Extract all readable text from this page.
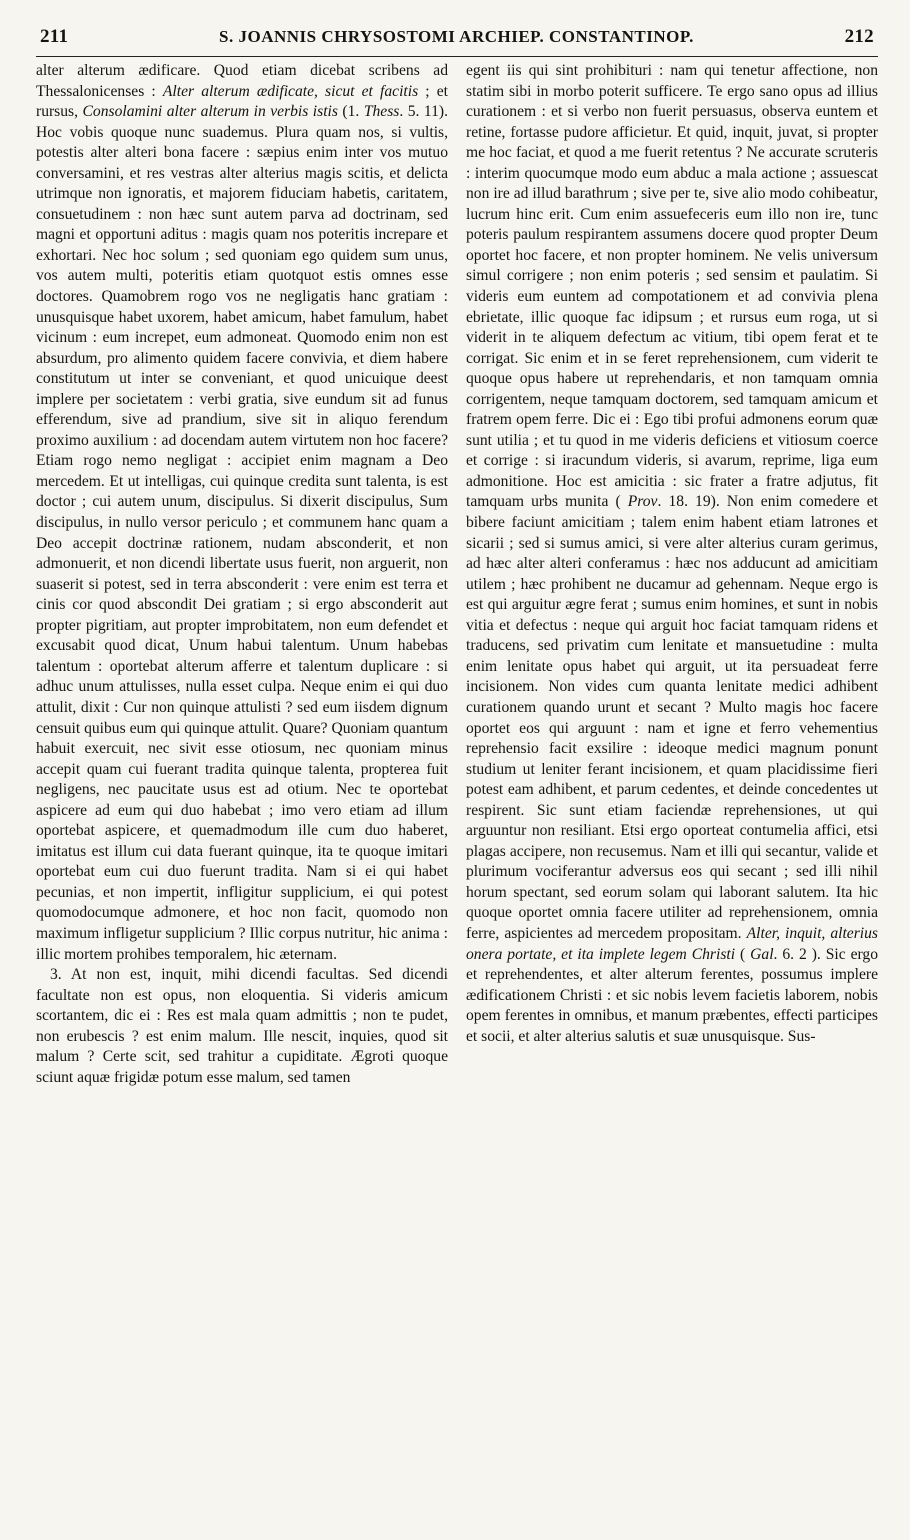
211	S. JOANNIS CHRYSOSTOMI ARCHIEP. CONSTANTINOP.	212

alter alterum ædificare. Quod etiam dicebat scribens ad Thessalonicenses : Alter alterum ædificate, sicut et facitis ; et rursus, Consolamini alter alterum in verbis istis (1. Thess. 5. 11). Hoc vobis quoque nunc suademus. Plura quam nos, si vultis, potestis alter alteri bona facere : sæpius enim inter vos mutuo conversamini, et res vestras alter alterius magis scitis, et delicta utrimque non ignoratis, et majorem fiduciam habetis, caritatem, consuetudinem : non hæc sunt autem parva ad doctrinam, sed magni et opportuni aditus : magis quam nos poteritis increpare et exhortari. Nec hoc solum ; sed quoniam ego quidem sum unus, vos autem multi, poteritis etiam quotquot estis omnes esse doctores. Quamobrem rogo vos ne negligatis hanc gratiam : unusquisque habet uxorem, habet amicum, habet famulum, habet vicinum : eum increpet, eum admoneat. Quomodo enim non est absurdum, pro alimento quidem facere convivia, et diem habere constitutum ut inter se conveniant, et quod unicuique deest implere per societatem : verbi gratia, sive eundum sit ad funus efferendum, sive ad prandium, sive sit in aliquo ferendum proximo auxilium : ad docendam autem virtutem non hoc facere? Etiam rogo nemo negligat : accipiet enim magnam a Deo mercedem. Et ut intelligas, cui quinque credita sunt talenta, is est doctor ; cui autem unum, discipulus. Si dixerit discipulus, Sum discipulus, in nullo versor periculo ; et communem hanc quam a Deo accepit doctrinæ rationem, nudam absconderit, et non admonuerit, et non dicendi libertate usus fuerit, non arguerit, non suaserit si potest, sed in terra absconderit : vere enim est terra et cinis cor quod abscondit Dei gratiam ; si ergo absconderit aut propter pigritiam, aut propter improbitatem, non eum defendet et excusabit quod dicat, Unum habui talentum. Unum habebas talentum : oportebat alterum afferre et talentum duplicare : si adhuc unum attulisses, nulla esset culpa. Neque enim ei qui duo attulit, dixit : Cur non quinque attulisti ? sed eum iisdem dignum censuit quibus eum qui quinque attulit. Quare? Quoniam quantum habuit exercuit, nec sivit esse otiosum, nec quoniam minus accepit quam cui fuerant tradita quinque talenta, propterea fuit negligens, nec paucitate usus est ad otium. Nec te oportebat aspicere ad eum qui duo habebat ; imo vero etiam ad illum oportebat aspicere, et quemadmodum ille cum duo haberet, imitatus est illum cui data fuerant quinque, ita te quoque imitari oportebat eum cui duo fuerunt tradita. Nam si ei qui habet pecunias, et non impertit, infligitur supplicium, ei qui potest quomodocumque admonere, et hoc non facit, quomodo non maximum infligetur supplicium ? Illic corpus nutritur, hic anima : illic mortem prohibes temporalem, hic æternam.

3. At non est, inquit, mihi dicendi facultas. Sed dicendi facultate non est opus, non eloquentia. Si videris amicum scortantem, dic ei : Res est mala quam admittis ; non te pudet, non erubescis ? est enim malum. Ille nescit, inquies, quod sit malum ? Certe scit, sed trahitur a cupiditate. Ægroti quoque sciunt aquæ frigidæ potum esse malum, sed tamen

egent iis qui sint prohibituri : nam qui tenetur affectione, non statim sibi in morbo poterit sufficere. Te ergo sano opus ad illius curationem : et si verbo non fuerit persuasus, observa euntem et retine, fortasse pudore afficietur. Et quid, inquit, juvat, si propter me hoc faciat, et quod a me fuerit retentus ? Ne accurate scruteris : interim quocumque modo eum abduc a mala actione ; assuescat non ire ad illud barathrum ; sive per te, sive alio modo cohibeatur, lucrum hinc erit. Cum enim assuefeceris eum illo non ire, tunc poteris paulum respirantem assumens docere quod propter Deum oportet hoc facere, et non propter hominem. Ne velis universum simul corrigere ; non enim poteris ; sed sensim et paulatim. Si videris eum euntem ad compotationem et ad convivia plena ebrietate, illic quoque fac idipsum ; et rursus eum roga, ut si viderit in te aliquem defectum ac vitium, tibi opem ferat et te corrigat. Sic enim et in se feret reprehensionem, cum viderit te quoque opus habere ut reprehendaris, et non tamquam omnia corrigentem, neque tamquam doctorem, sed tamquam amicum et fratrem opem ferre. Dic ei : Ego tibi profui admonens eorum quæ sunt utilia ; et tu quod in me videris deficiens et vitiosum coerce et corrige : si iracundum videris, si avarum, reprime, liga eum admonitione. Hoc est amicitia : sic frater a fratre adjutus, fit tamquam urbs munita ( Prov. 18. 19). Non enim comedere et bibere faciunt amicitiam ; talem enim habent etiam latrones et sicarii ; sed si sumus amici, si vere alter alterius curam gerimus, ad hæc alter alteri conferamus : hæc nos adducunt ad amicitiam utilem ; hæc prohibent ne ducamur ad gehennam. Neque ergo is est qui arguitur ægre ferat ; sumus enim homines, et sunt in nobis vitia et defectus : neque qui arguit hoc faciat tamquam ridens et traducens, sed privatim cum lenitate et mansuetudine : multa enim lenitate opus habet qui arguit, ut ita persuadeat ferre incisionem. Non vides cum quanta lenitate medici adhibent curationem quando urunt et secant ? Multo magis hoc facere oportet eos qui arguunt : nam et igne et ferro vehementius reprehensio facit exsilire : ideoque medici magnum ponunt studium ut leniter ferant incisionem, et quam placidissime fieri potest eam adhibent, et parum cedentes, et deinde concedentes ut respirent. Sic sunt etiam faciendæ reprehensiones, ut qui arguuntur non resiliant. Etsi ergo oporteat contumelia affici, etsi plagas accipere, non recusemus. Nam et illi qui secantur, valide et plurimum vociferantur adversus eos qui secant ; sed illi nihil horum spectant, sed eorum solam qui laborant salutem. Ita hic quoque oportet omnia facere utiliter ad reprehensionem, omnia ferre, aspicientes ad mercedem propositam. Alter, inquit, alterius onera portate, et ita implete legem Christi ( Gal. 6. 2 ). Sic ergo et reprehendentes, et alter alterum ferentes, possumus implere ædificationem Christi : et sic nobis levem facietis laborem, nobis opem ferentes in omnibus, et manum præbentes, effecti participes et socii, et alter alterius salutis et suæ unusquisque. Sus-
